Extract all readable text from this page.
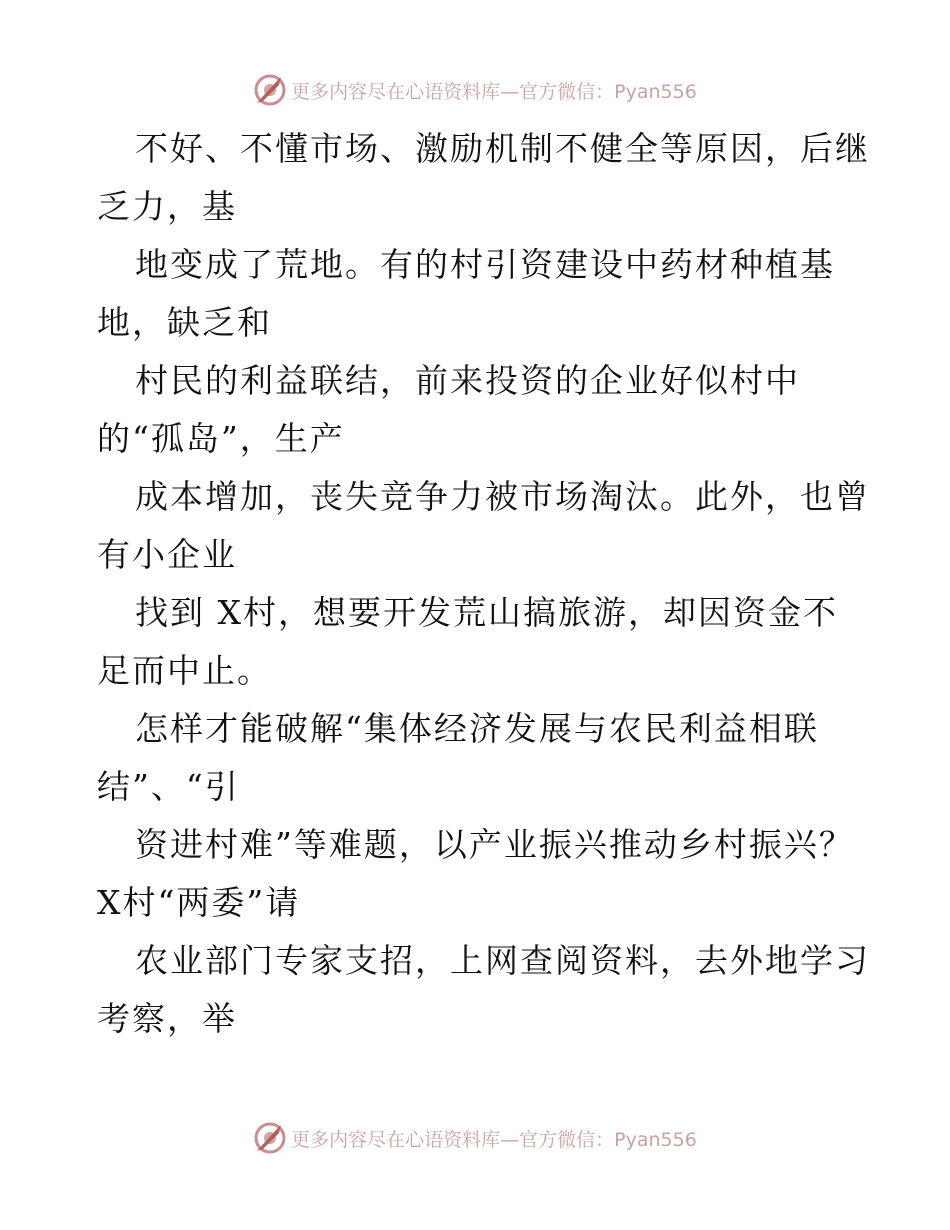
更多内容尽在心语资料库—官方微信：Pyan556
不好、不懂市场、激励机制不健全等原因，后继
乏力，基
地变成了荒地。有的村引资建设中药材种植基
地，缺乏和
村民的利益联结，前来投资的企业好似村中
的“孤岛”，生产
成本增加，丧失竞争力被市场淘汰。此外，也曾
有小企业
找到 X村，想要开发荒山搞旅游，却因资金不
足而中止。
怎样才能破解“集体经济发展与农民利益相联
结”、“引
资进村难”等难题，以产业振兴推动乡村振兴？
X村“两委”请
农业部门专家支招，上网查阅资料，去外地学习
考察，举
更多内容尽在心语资料库—官方微信：Pyan556
